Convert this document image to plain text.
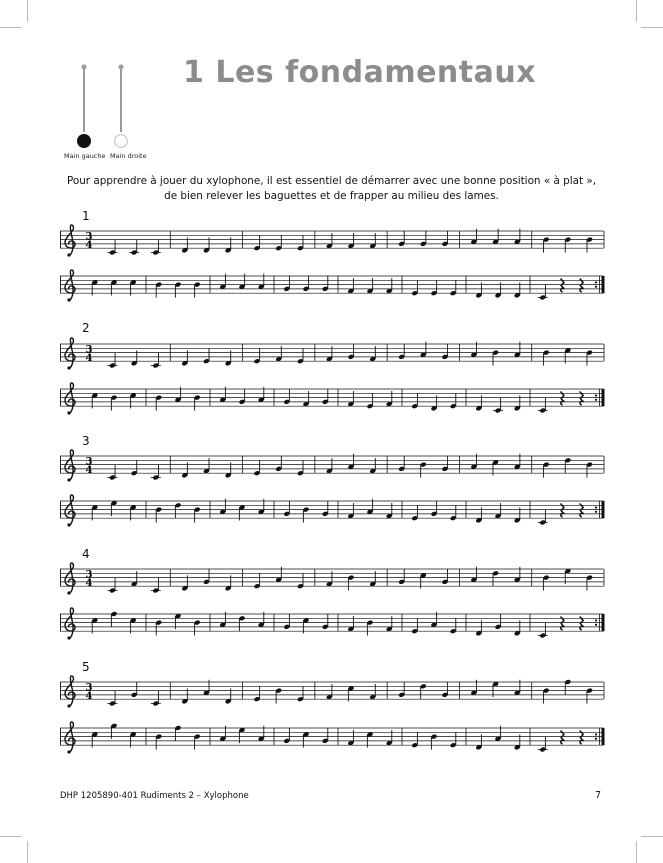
Main gauche Main droite
1 Les fondamentaux
Pour apprendre à jouer du xylophone, il est essentiel de démarrer avec une bonne position « à plat »,
de bien relever les baguettes et de frapper au milieu des lames.
DHP 1205890-401 Rudiments 2 – Xylophone	7
1
3
4
2
3
4
3
3
4
4
3
4
5
3
4
